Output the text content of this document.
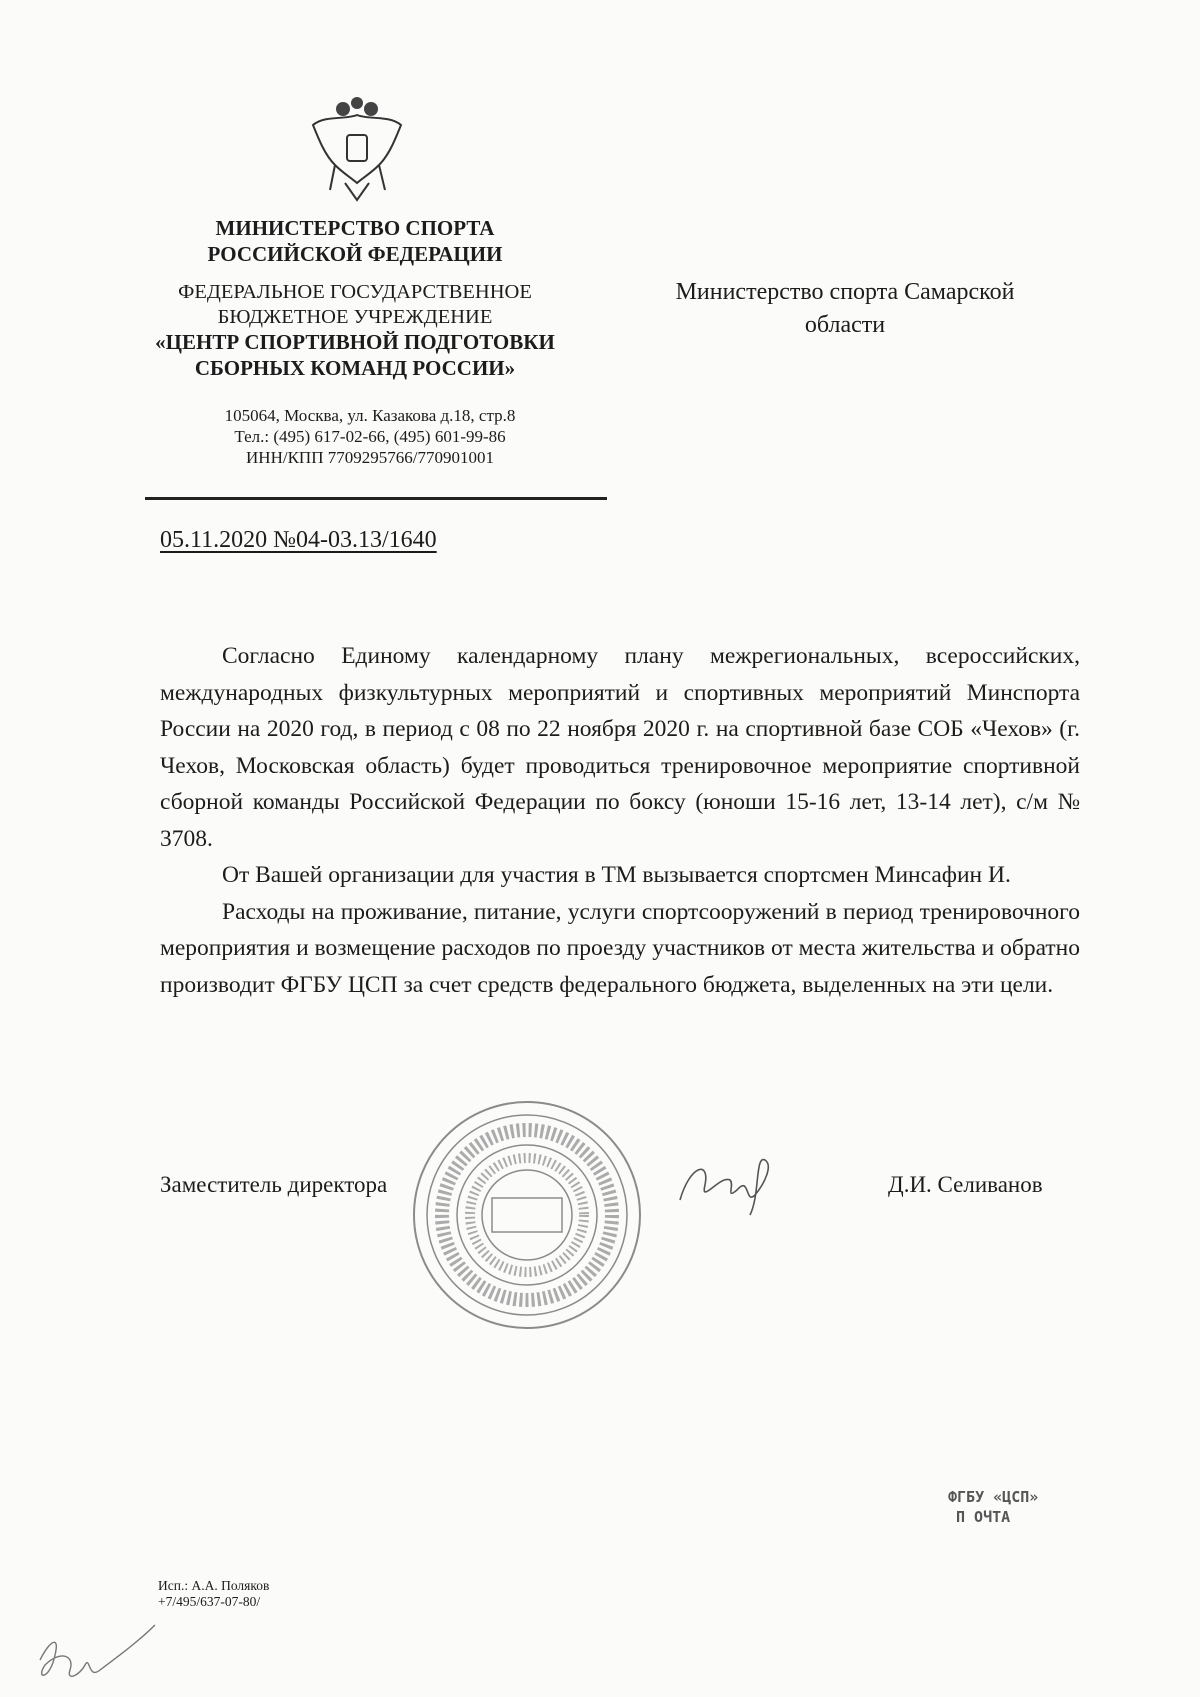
МИНИСТЕРСТВО СПОРТА
РОССИЙСКОЙ ФЕДЕРАЦИИ
ФЕДЕРАЛЬНОЕ ГОСУДАРСТВЕННОЕ
БЮДЖЕТНОЕ УЧРЕЖДЕНИЕ
«ЦЕНТР СПОРТИВНОЙ ПОДГОТОВКИ
СБОРНЫХ КОМАНД РОССИИ»
105064, Москва, ул. Казакова д.18, стр.8
Тел.: (495) 617-02-66, (495) 601-99-86
ИНН/КПП 7709295766/770901001
05.11.2020 №04-03.13/1640
Министерство спорта Самарской
области

Согласно Единому календарному плану межрегиональных, всероссийских, международных физкультурных мероприятий и спортивных мероприятий Минспорта России на 2020 год, в период с 08 по 22 ноября 2020 г. на спортивной базе СОБ «Чехов» (г. Чехов, Московская область) будет проводиться тренировочное мероприятие спортивной сборной команды Российской Федерации по боксу (юноши 15-16 лет, 13-14 лет), с/м № 3708.

От Вашей организации для участия в ТМ вызывается спортсмен Минсафин И.

Расходы на проживание, питание, услуги спортсооружений в период тренировочного мероприятия и возмещение расходов по проезду участников от места жительства и обратно производит ФГБУ ЦСП за счет средств федерального бюджета, выделенных на эти цели.

Заместитель директора	Д.И. Селиванов
ФГБУ «ЦСП»
П ОЧТА
Исп.: А.А. Поляков
+7/495/637-07-80/
